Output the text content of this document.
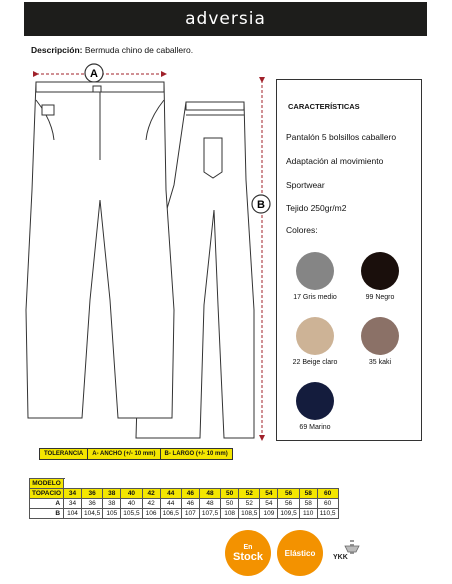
adversia
Descripción: Bermuda chino de caballero.
A
B
CARACTERÍSTICAS
Pantalón 5 bolsillos caballero
Adaptación al movimiento
Sportwear
Tejido 250gr/m2
Colores:
17 Gris medio	99 Negro
22 Beige claro	35 kaki
69 Marino
TOLERANCIA	A- ANCHO (+/- 10 mm)	B- LARGO (+/- 10 mm)
MODELO														
TOPACIO	34	36	38	40	42	44	46	48	50	52	54	56	58	60
A	34	36	38	40	42	44	46	48	50	52	54	56	58	60
B	104	104,5	105	105,5	106	106,5	107	107,5	108	108,5	109	109,5	110	110,5
En
Stock	Elástico	YKK
